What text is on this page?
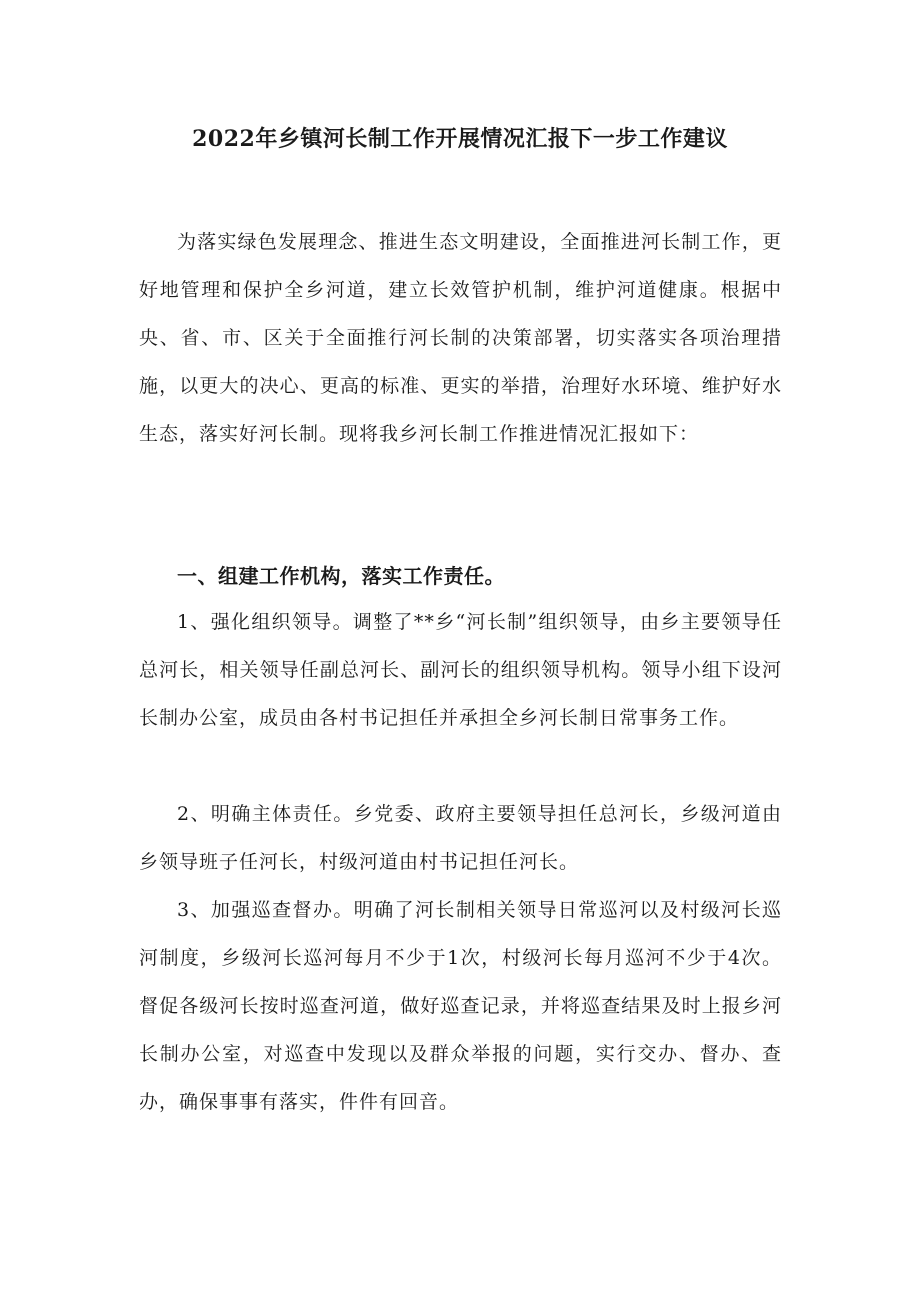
2022年乡镇河长制工作开展情况汇报下一步工作建议

为落实绿色发展理念、推进生态文明建设，全面推进河长制工作，更好地管理和保护全乡河道，建立长效管护机制，维护河道健康。根据中央、省、市、区关于全面推行河长制的决策部署，切实落实各项治理措施，以更大的决心、更高的标准、更实的举措，治理好水环境、维护好水生态，落实好河长制。现将我乡河长制工作推进情况汇报如下：

一、组建工作机构，落实工作责任。

1、强化组织领导。调整了**乡“河长制”组织领导，由乡主要领导任总河长，相关领导任副总河长、副河长的组织领导机构。领导小组下设河长制办公室，成员由各村书记担任并承担全乡河长制日常事务工作。

2、明确主体责任。乡党委、政府主要领导担任总河长，乡级河道由乡领导班子任河长，村级河道由村书记担任河长。

3、加强巡查督办。明确了河长制相关领导日常巡河以及村级河长巡河制度，乡级河长巡河每月不少于1次，村级河长每月巡河不少于4次。督促各级河长按时巡查河道，做好巡查记录，并将巡查结果及时上报乡河长制办公室，对巡查中发现以及群众举报的问题，实行交办、督办、查办，确保事事有落实，件件有回音。
